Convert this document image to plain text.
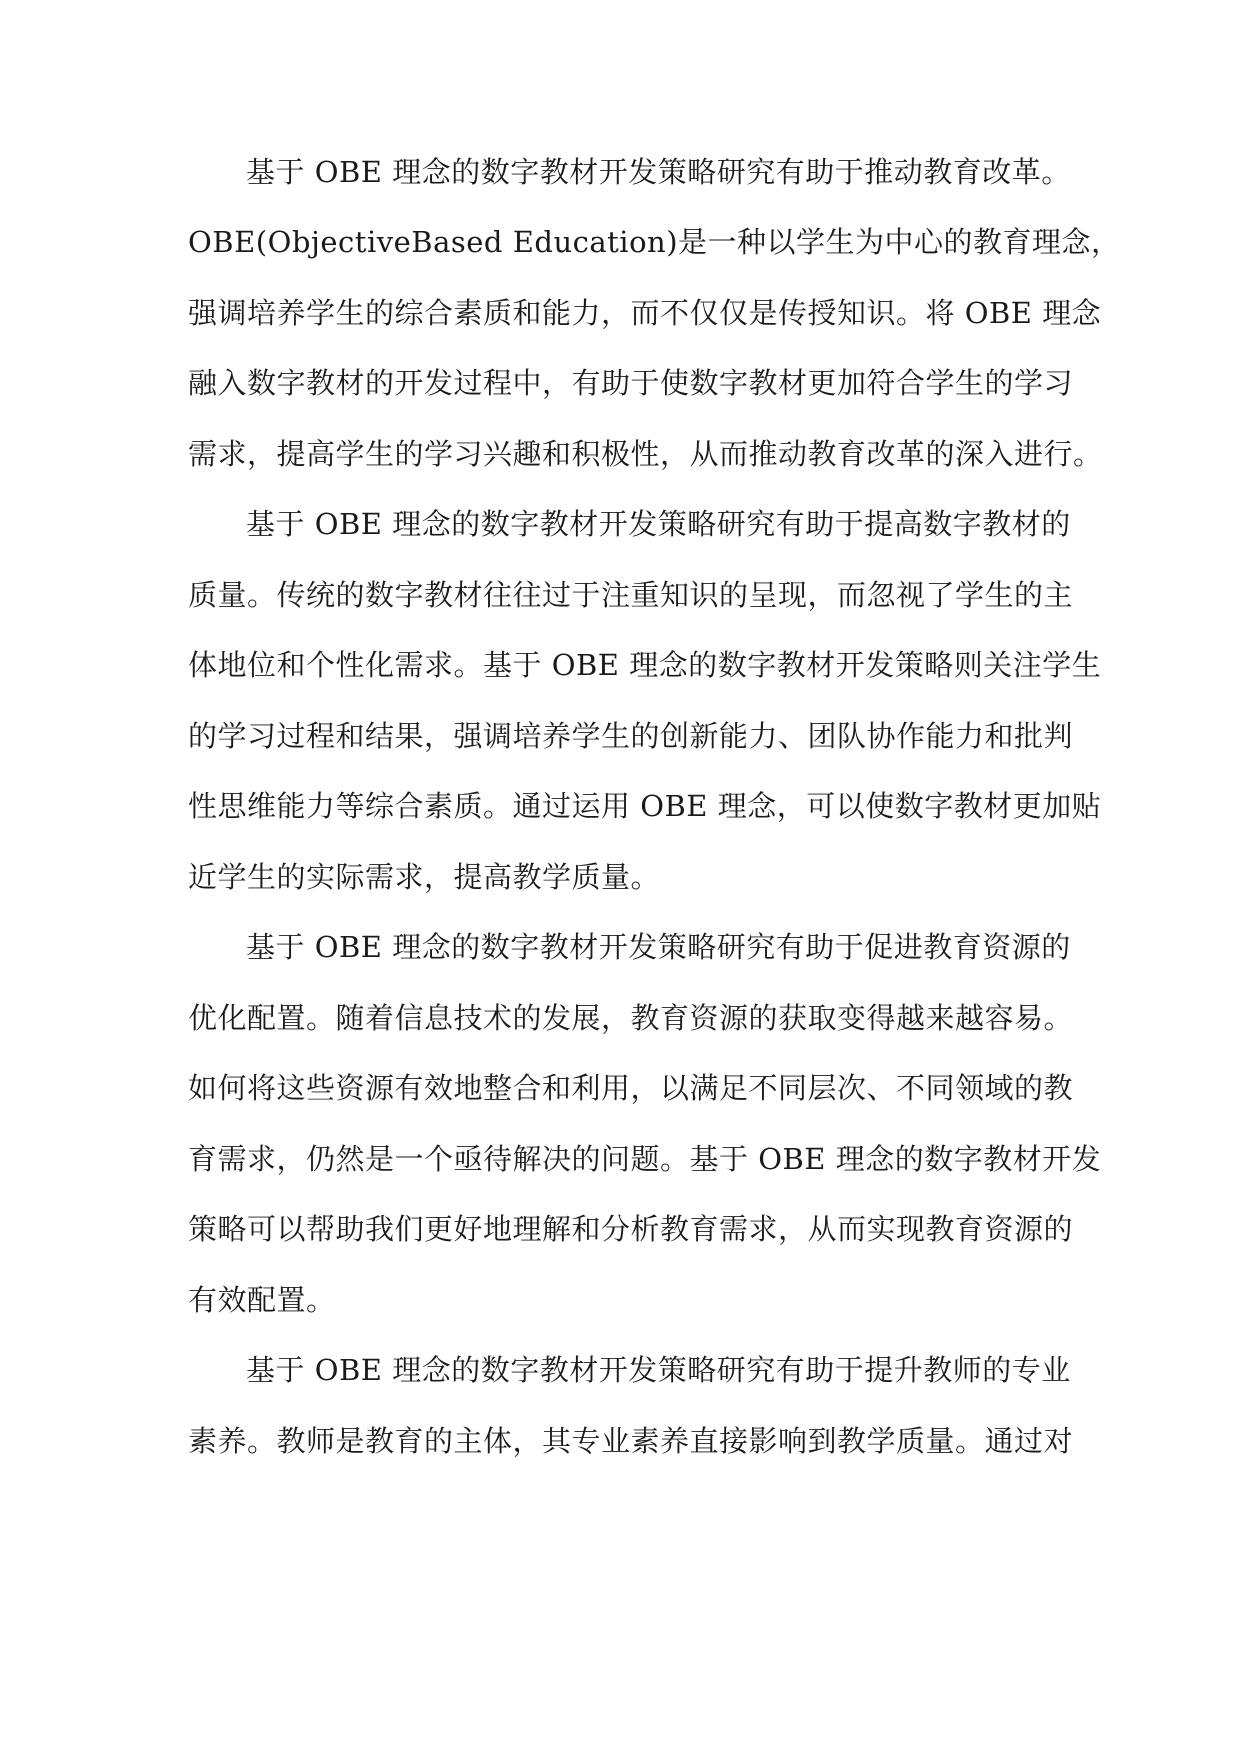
基于 OBE 理念的数字教材开发策略研究有助于推动教育改革。
OBE(ObjectiveBased Education)是一种以学生为中心的教育理念，
强调培养学生的综合素质和能力，而不仅仅是传授知识。将 OBE 理念
融入数字教材的开发过程中，有助于使数字教材更加符合学生的学习
需求，提高学生的学习兴趣和积极性，从而推动教育改革的深入进行。
基于 OBE 理念的数字教材开发策略研究有助于提高数字教材的
质量。传统的数字教材往往过于注重知识的呈现，而忽视了学生的主
体地位和个性化需求。基于 OBE 理念的数字教材开发策略则关注学生
的学习过程和结果，强调培养学生的创新能力、团队协作能力和批判
性思维能力等综合素质。通过运用 OBE 理念，可以使数字教材更加贴
近学生的实际需求，提高教学质量。
基于 OBE 理念的数字教材开发策略研究有助于促进教育资源的
优化配置。随着信息技术的发展，教育资源的获取变得越来越容易。
如何将这些资源有效地整合和利用，以满足不同层次、不同领域的教
育需求，仍然是一个亟待解决的问题。基于 OBE 理念的数字教材开发
策略可以帮助我们更好地理解和分析教育需求，从而实现教育资源的
有效配置。
基于 OBE 理念的数字教材开发策略研究有助于提升教师的专业
素养。教师是教育的主体，其专业素养直接影响到教学质量。通过对
